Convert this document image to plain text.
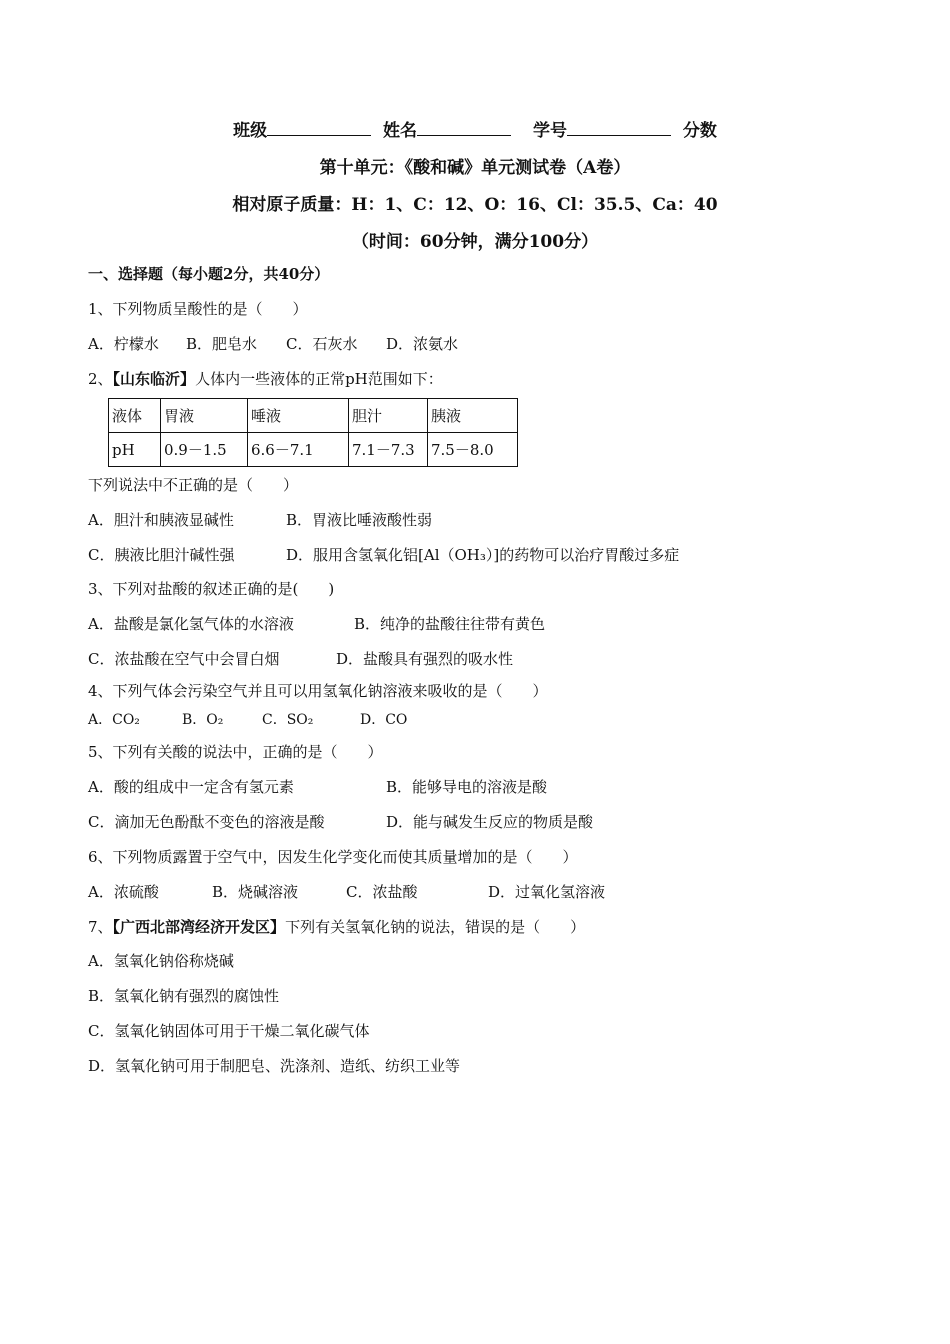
班级	姓名	学号	分数
第十单元：《酸和碱》单元测试卷（A卷）
相对原子质量：H：1、C：12、O：16、Cl：35.5、Ca：40
（时间：60分钟，满分100分）
一、选择题（每小题2分，共40分）
1、下列物质呈酸性的是（　　）
A．柠檬水 B．肥皂水 C．石灰水 D．浓氨水
2、【山东临沂】人体内一些液体的正常pH范围如下：
液体	胃液	唾液	胆汁	胰液
pH	0.9－1.5	6.6－7.1	7.1－7.3	7.5－8.0
下列说法中不正确的是（　　）
A．胆汁和胰液显碱性	B．胃液比唾液酸性弱
C．胰液比胆汁碱性强	D．服用含氢氧化铝[Al（OH₃）]的药物可以治疗胃酸过多症
3、下列对盐酸的叙述正确的是(　　)
A．盐酸是氯化氢气体的水溶液	B．纯净的盐酸往往带有黄色
C．浓盐酸在空气中会冒白烟	D．盐酸具有强烈的吸水性
4、下列气体会污染空气并且可以用氢氧化钠溶液来吸收的是（　　）
A．CO₂	B．O₂	C．SO₂	D．CO
5、下列有关酸的说法中，正确的是（　　）
A．酸的组成中一定含有氢元素	B．能够导电的溶液是酸
C．滴加无色酚酞不变色的溶液是酸	D．能与碱发生反应的物质是酸
6、下列物质露置于空气中，因发生化学变化而使其质量增加的是（　　）
A．浓硫酸	B．烧碱溶液	C．浓盐酸	D．过氧化氢溶液
7、【广西北部湾经济开发区】下列有关氢氧化钠的说法，错误的是（　　）
A．氢氧化钠俗称烧碱
B．氢氧化钠有强烈的腐蚀性
C．氢氧化钠固体可用于干燥二氧化碳气体
D．氢氧化钠可用于制肥皂、洗涤剂、造纸、纺织工业等
